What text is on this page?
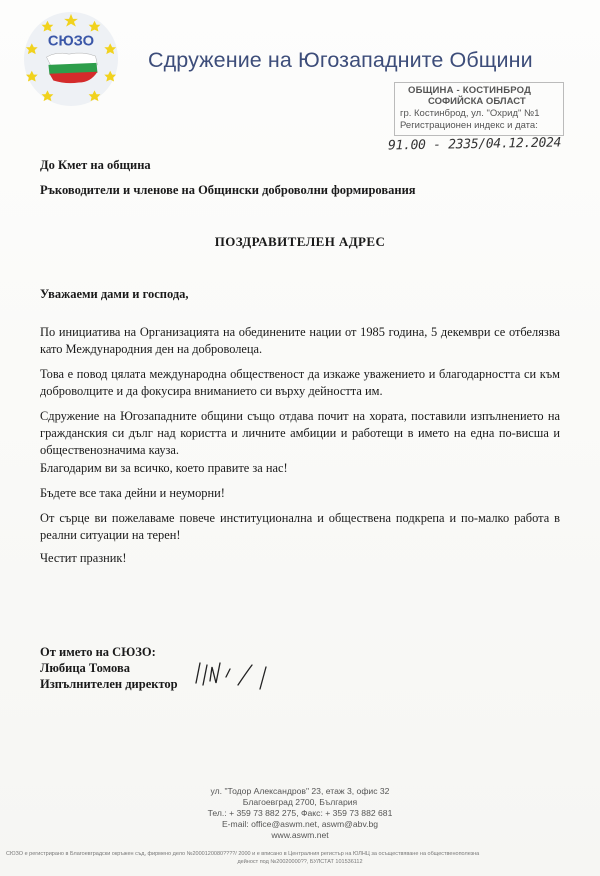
СЮЗО
Сдружение на Югозападните Общини
ОБЩИНА - КОСТИНБРОД
СОФИЙСКА ОБЛАСТ
гр. Костинброд, ул. "Охрид" №1
Регистрационен индекс и дата:
91.00 - 2335/04.12.2024
До Кмет на община
Ръководители и членове на Общински доброволни формирования
ПОЗДРАВИТЕЛЕН АДРЕС
Уважаеми дами и господа,
По инициатива на Организацията на обединените нации от 1985 година, 5 декември се отбелязва като Международния ден на доброволеца.
Това е повод цялата международна общественост да изкаже уважението и благодарността си към доброволците и да фокусира вниманието си върху дейността им.
Сдружение на Югозападните общини също отдава почит на хората, поставили изпълнението на гражданския си дълг над користта и личните амбиции и работещи в името на една по-висша и общественозначима кауза.
Благодарим ви за всичко, което правите за нас!
Бъдете все така дейни и неуморни!
От сърце ви пожелаваме повече институционална и обществена подкрепа и по-малко работа в реални ситуации на терен!
Честит празник!
От името на СЮЗО:
Любица Томова
Изпълнителен директор
ул. "Тодор Александров" 23, етаж 3, офис 32
Благоевград 2700, България
Тел.: + 359 73 882 275, Факс: + 359 73 882 681
E-mail: office@aswm.net, aswm@abv.bg
www.aswm.net
СЮЗО е регистрирано в Благоевградски окръжен съд, фирмено дело №2000120080????/ 2000 и е вписано в Централния регистър на ЮЛНЦ за осъществяване на общественополезна
дейност под №20020000??, БУЛСТАТ 101536112
